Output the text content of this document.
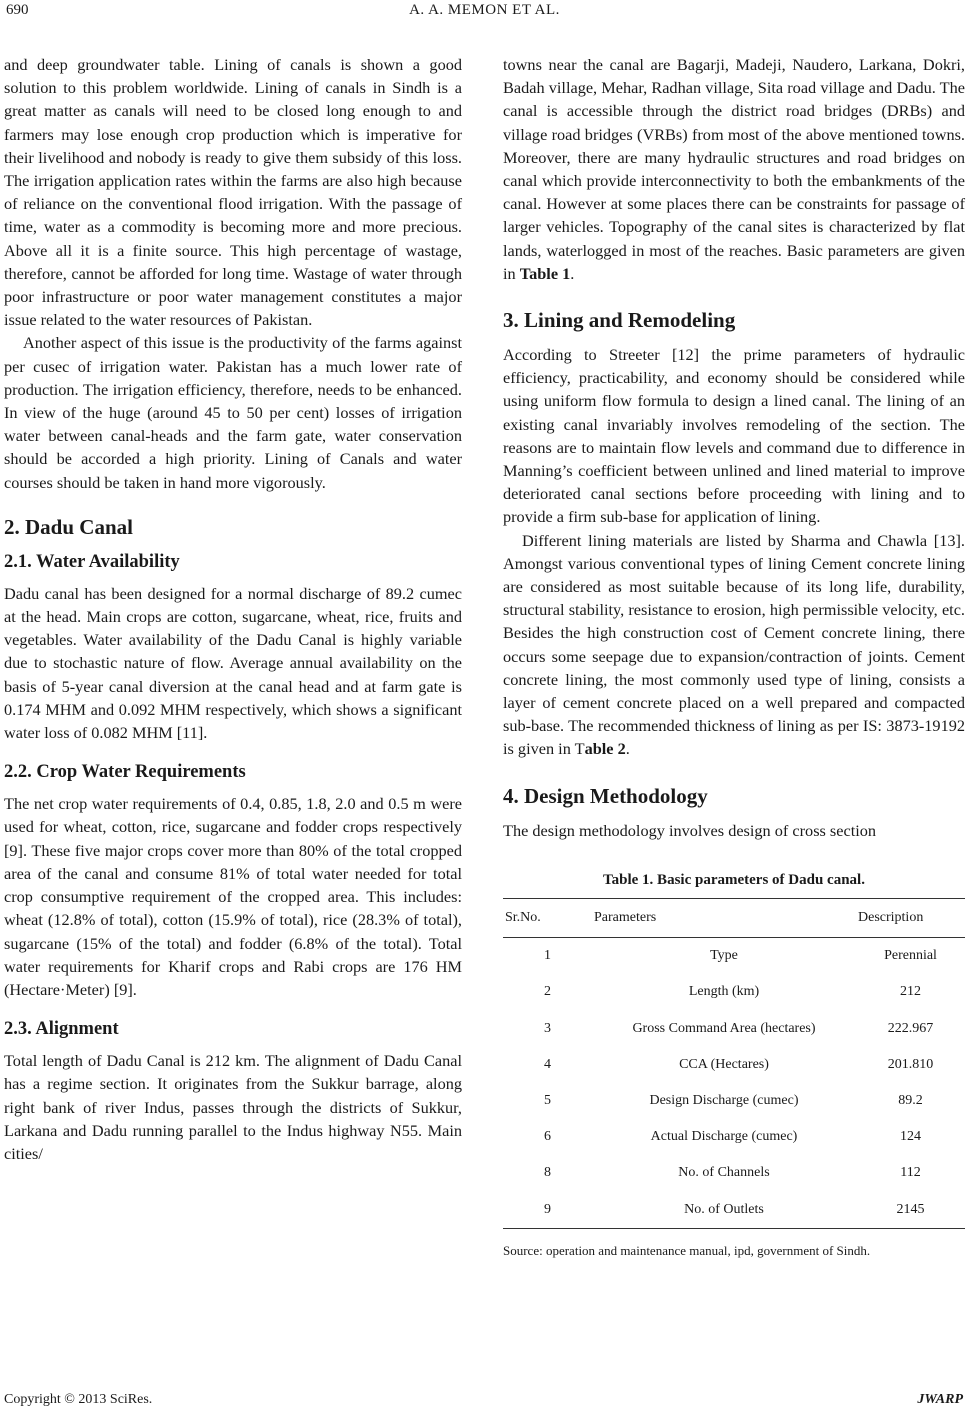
690	A. A. MEMON ET AL.

and deep groundwater table. Lining of canals is shown a good solution to this problem worldwide. Lining of canals in Sindh is a great matter as canals will need to be closed long enough to and farmers may lose enough crop production which is imperative for their livelihood and nobody is ready to give them subsidy of this loss. The irrigation application rates within the farms are also high because of reliance on the conventional flood irrigation. With the passage of time, water as a commodity is becoming more and more precious. Above all it is a finite source. This high percentage of wastage, therefore, cannot be afforded for long time. Wastage of water through poor infrastructure or poor water management constitutes a major issue related to the water resources of Pakistan.

Another aspect of this issue is the productivity of the farms against per cusec of irrigation water. Pakistan has a much lower rate of production. The irrigation efficiency, therefore, needs to be enhanced. In view of the huge (around 45 to 50 per cent) losses of irrigation water between canal-heads and the farm gate, water conservation should be accorded a high priority. Lining of Canals and water courses should be taken in hand more vigorously.

2. Dadu Canal
2.1. Water Availability

Dadu canal has been designed for a normal discharge of 89.2 cumec at the head. Main crops are cotton, sugarcane, wheat, rice, fruits and vegetables. Water availability of the Dadu Canal is highly variable due to stochastic nature of flow. Average annual availability on the basis of 5-year canal diversion at the canal head and at farm gate is 0.174 MHM and 0.092 MHM respectively, which shows a significant water loss of 0.082 MHM [11].

2.2. Crop Water Requirements

The net crop water requirements of 0.4, 0.85, 1.8, 2.0 and 0.5 m were used for wheat, cotton, rice, sugarcane and fodder crops respectively [9]. These five major crops cover more than 80% of the total cropped area of the canal and consume 81% of total water needed for total crop consumptive requirement of the cropped area. This includes: wheat (12.8% of total), cotton (15.9% of total), rice (28.3% of total), sugarcane (15% of the total) and fodder (6.8% of the total). Total water requirements for Kharif crops and Rabi crops are 176 HM (Hectare·Meter) [9].

2.3. Alignment

Total length of Dadu Canal is 212 km. The alignment of Dadu Canal has a regime section. It originates from the Sukkur barrage, along right bank of river Indus, passes through the districts of Sukkur, Larkana and Dadu running parallel to the Indus highway N55. Main cities/

towns near the canal are Bagarji, Madeji, Naudero, Larkana, Dokri, Badah village, Mehar, Radhan village, Sita road village and Dadu. The canal is accessible through the district road bridges (DRBs) and village road bridges (VRBs) from most of the above mentioned towns. Moreover, there are many hydraulic structures and road bridges on canal which provide interconnectivity to both the embankments of the canal. However at some places there can be constraints for passage of larger vehicles. Topography of the canal sites is characterized by flat lands, waterlogged in most of the reaches. Basic parameters are given in Table 1.

3. Lining and Remodeling

According to Streeter [12] the prime parameters of hydraulic efficiency, practicability, and economy should be considered while using uniform flow formula to design a lined canal. The lining of an existing canal invariably involves remodeling of the section. The reasons are to maintain flow levels and command due to difference in Manning’s coefficient between unlined and lined material to improve deteriorated canal sections before proceeding with lining and to provide a firm sub-base for application of lining.

Different lining materials are listed by Sharma and Chawla [13]. Amongst various conventional types of lining Cement concrete lining are considered as most suitable because of its long life, durability, structural stability, resistance to erosion, high permissible velocity, etc. Besides the high construction cost of Cement concrete lining, there occurs some seepage due to expansion/contraction of joints. Cement concrete lining, the most commonly used type of lining, consists a layer of cement concrete placed on a well prepared and compacted sub-base. The recommended thickness of lining as per IS: 3873-19192 is given in Table 2.

4. Design Methodology

The design methodology involves design of cross section

Table 1. Basic parameters of Dadu canal.
Sr.No.	Parameters	Description
1	Type	Perennial
2	Length (km)	212
3	Gross Command Area (hectares)	222.967
4	CCA (Hectares)	201.810
5	Design Discharge (cumec)	89.2
6	Actual Discharge (cumec)	124
8	No. of Channels	112
9	No. of Outlets	2145
Source: operation and maintenance manual, ipd, government of Sindh.
Copyright © 2013 SciRes.	JWARP
